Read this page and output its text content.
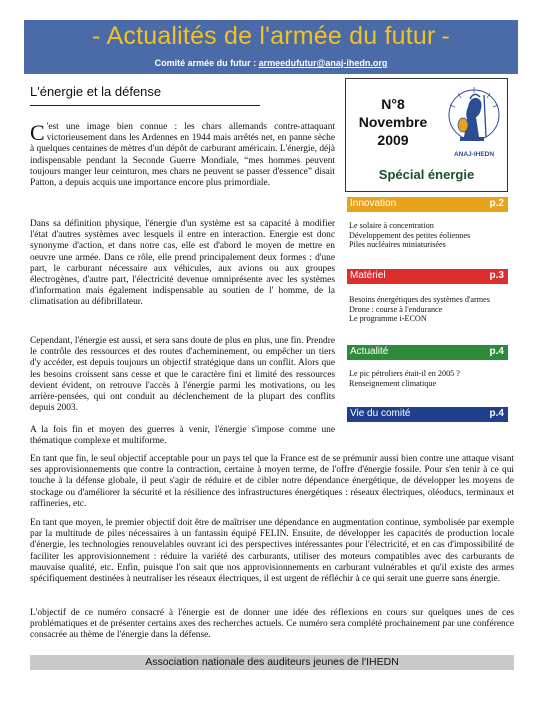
- Actualités de l'armée du futur -
Comité armée du futur : armeedufutur@anaj-ihedn.org
L'énergie et la défense
C 'est une image bien connue : les chars allemands contre-attaquant victorieusement dans les Ardennes en 1944 mais arrêtés net, en panne sèche à quelques centaines de mètres d'un dépôt de carburant américain. L'énergie, déjà indispensable pendant la Seconde Guerre Mondiale, “mes hommes peuvent toujours manger leur ceinturon, mes chars ne peuvent se passer d'essence” disait Patton, a depuis acquis une importance encore plus primordiale.
Dans sa définition physique, l'énergie d'un système est sa capacité à modifier l'état d'autres systèmes avec lesquels il entre en interaction. Energie est donc synonyme d'action, et dans notre cas, elle est d'abord le moyen de mettre en oeuvre une armée. Dans ce rôle, elle prend principalement deux formes : d'une part, le carburant nécessaire aux véhicules, aux avions ou aux groupes électrogènes, d'autre part, l'électricité devenue omniprésente avec les systèmes d'information mais également indispensable au soutien de l' homme, de la climatisation au défibrillateur.
Cependant, l'énergie est aussi, et sera sans doute de plus en plus, une fin. Prendre le contrôle des ressources et des routes d'acheminement, ou empêcher un tiers d'y accéder, est depuis toujours un objectif stratégique dans un conflit. Alors que les besoins croissent sans cesse et que le caractère fini et limité des ressources devient évident, on retrouve l'accès à l'énergie parmi les motivations, ou les arrière-pensées, qui ont conduit au déclenchement de la plupart des conflits depuis 2003.
A la fois fin et moyen des guerres à venir, l'énergie s'impose comme une thématique complexe et multiforme.
En tant que fin, le seul objectif acceptable pour un pays tel que la France est de se prémunir aussi bien contre une attaque visant ses approvisionnements que contre la contraction, certaine à moyen terme, de l'offre d'énergie fossile. Pour s'en tenir à ce qui touche à la défense globale, il peut s'agir de réduire et de cibler notre dépendance énergétique, de développer les moyens de stockage ou d'améliorer la sécurité et la résilience des infrastructures énergétiques : réseaux électriques, oléoducs, terminaux et raffineries, etc.
En tant que moyen, le premier objectif doit être de maîtriser une dépendance en augmentation continue, symbolisée par exemple par la multitude de piles nécessaires à un fantassin équipé FELIN. Ensuite, de développer les capacités de production locale d'énergie, les technologies renouvelables ouvrant ici des perspectives intéressantes pour l'électricité, et en cas d'impossibilité de faciliter les approvisionnement : réduire la variété des carburants, utiliser des moteurs compatibles avec des carburants de mauvaise qualité, etc. Enfin, puisque l'on sait que nos approvisionnements en carburant vulnérables et qu'il existe des armes spécifiquement destinées à neutraliser les réseaux électriques, il est urgent de réfléchir à ce qui serait une guerre sans énergie.
L'objectif de ce numéro consacré à l'énergie est de donner une idée des réflexions en cours sur quelques unes de ces problématiques et de présenter certains axes des recherches actuels. Ce numéro sera complété prochainement par une conférence consacrée au thème de l'énergie dans la défense.
N°8
Novembre
2009
ANAJ-IHEDN
Spécial énergie
Innovation	p.2
Le solaire à concentration
Développement des petites éoliennes
Piles nucléaires miniaturisées
Matériel	p.3
Besoins énergétiques des systèmes d'armes
Drone : course à l'endurance
Le programme i-ECON
Actualité	p.4
Le pic pétroliers était-il en 2005 ?
Renseignement climatique
Vie du comité	p.4
Association nationale des auditeurs jeunes de l'IHEDN
